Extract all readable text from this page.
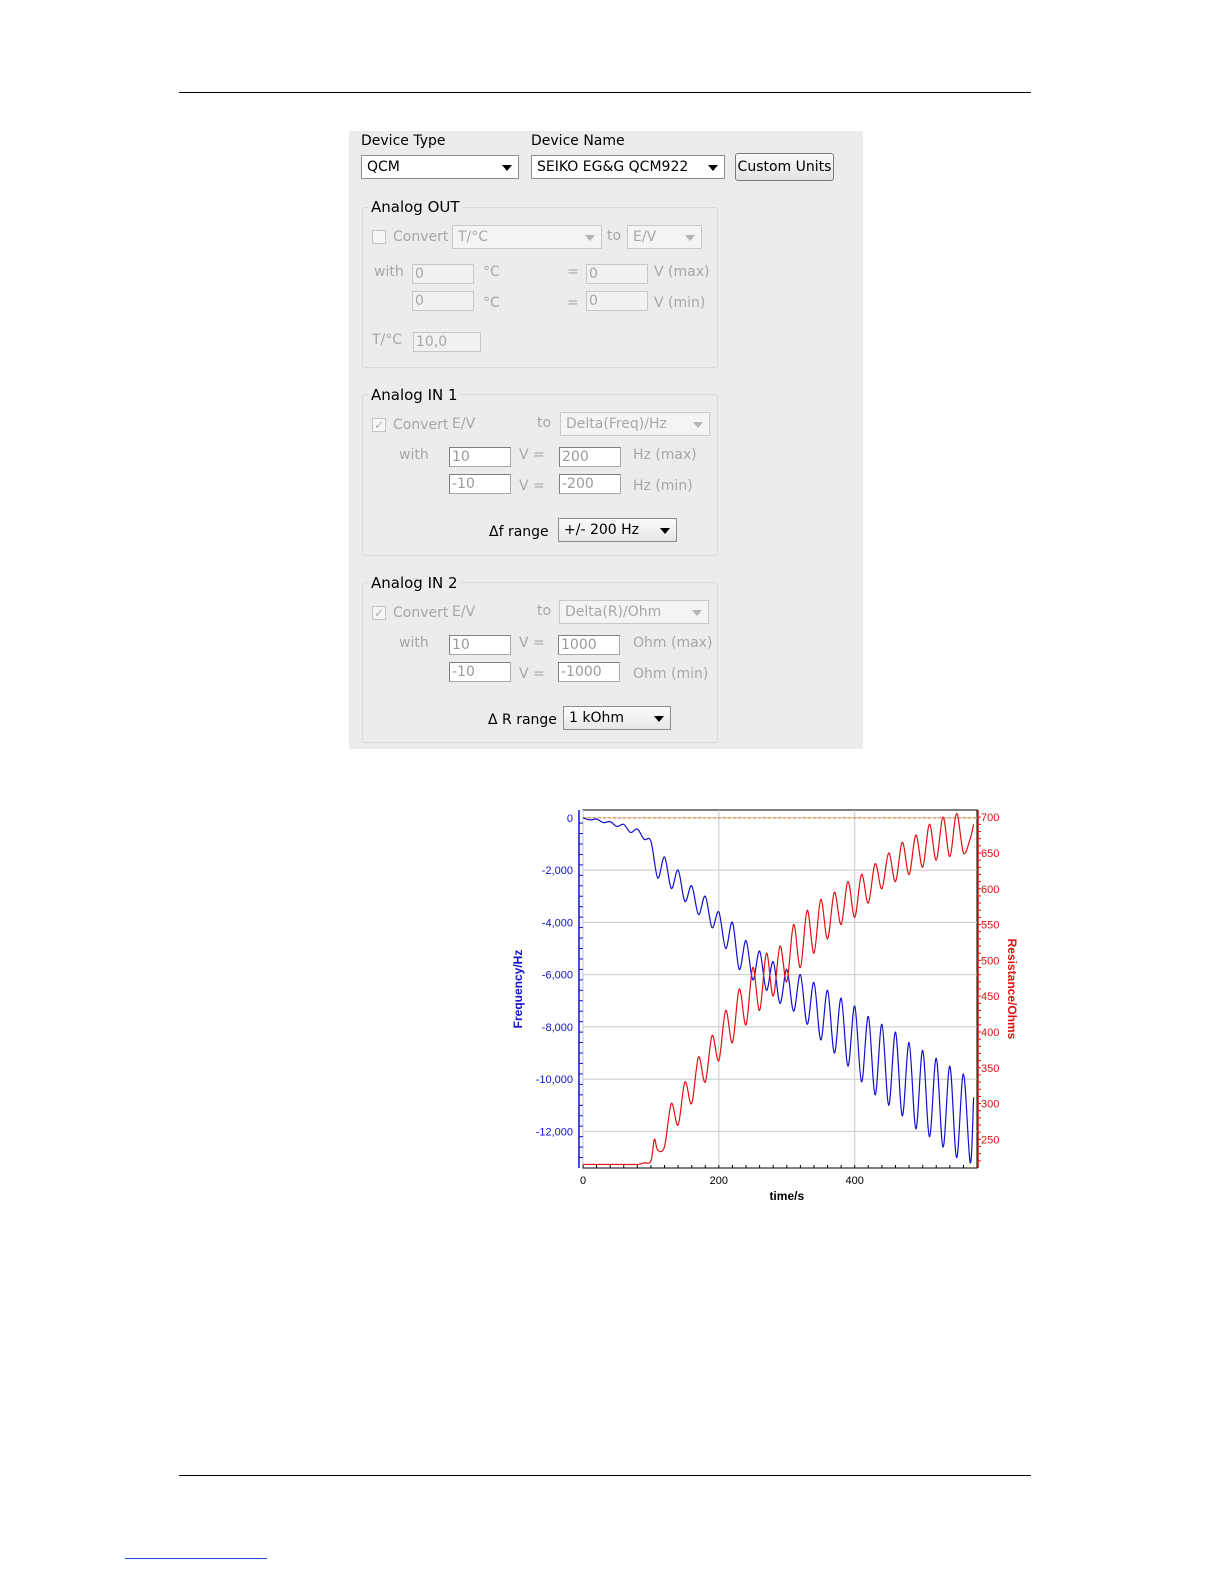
Device Type
QCM
Device Name
SEIKO EG&G QCM922	Custom Units
Analog OUT
Convert T/°C	to E/V
with 0	°C	= 0	V (max)
0	°C	= 0	V (min)
T/°C 10,0
Analog IN 1
✓ Convert E/V	to	Delta(Freq)/Hz
with 10	V = 200	Hz (max)
-10	V = -200	Hz (min)
Δf range	+/- 200 Hz
Analog IN 2
✓ Convert E/V	to Delta(R)/Ohm
with 10	V = 1000	Ohm (max)
-10	V = -1000	Ohm (min)
Δ R range 1 kOhm
0	200	400
0
-2,000
-4,000
-6,000
-8,000
-10,000
-12,000
700
650
600
550
500
450
400
350
300
250
time/s
Frequency/Hz	Resistance/Ohms
